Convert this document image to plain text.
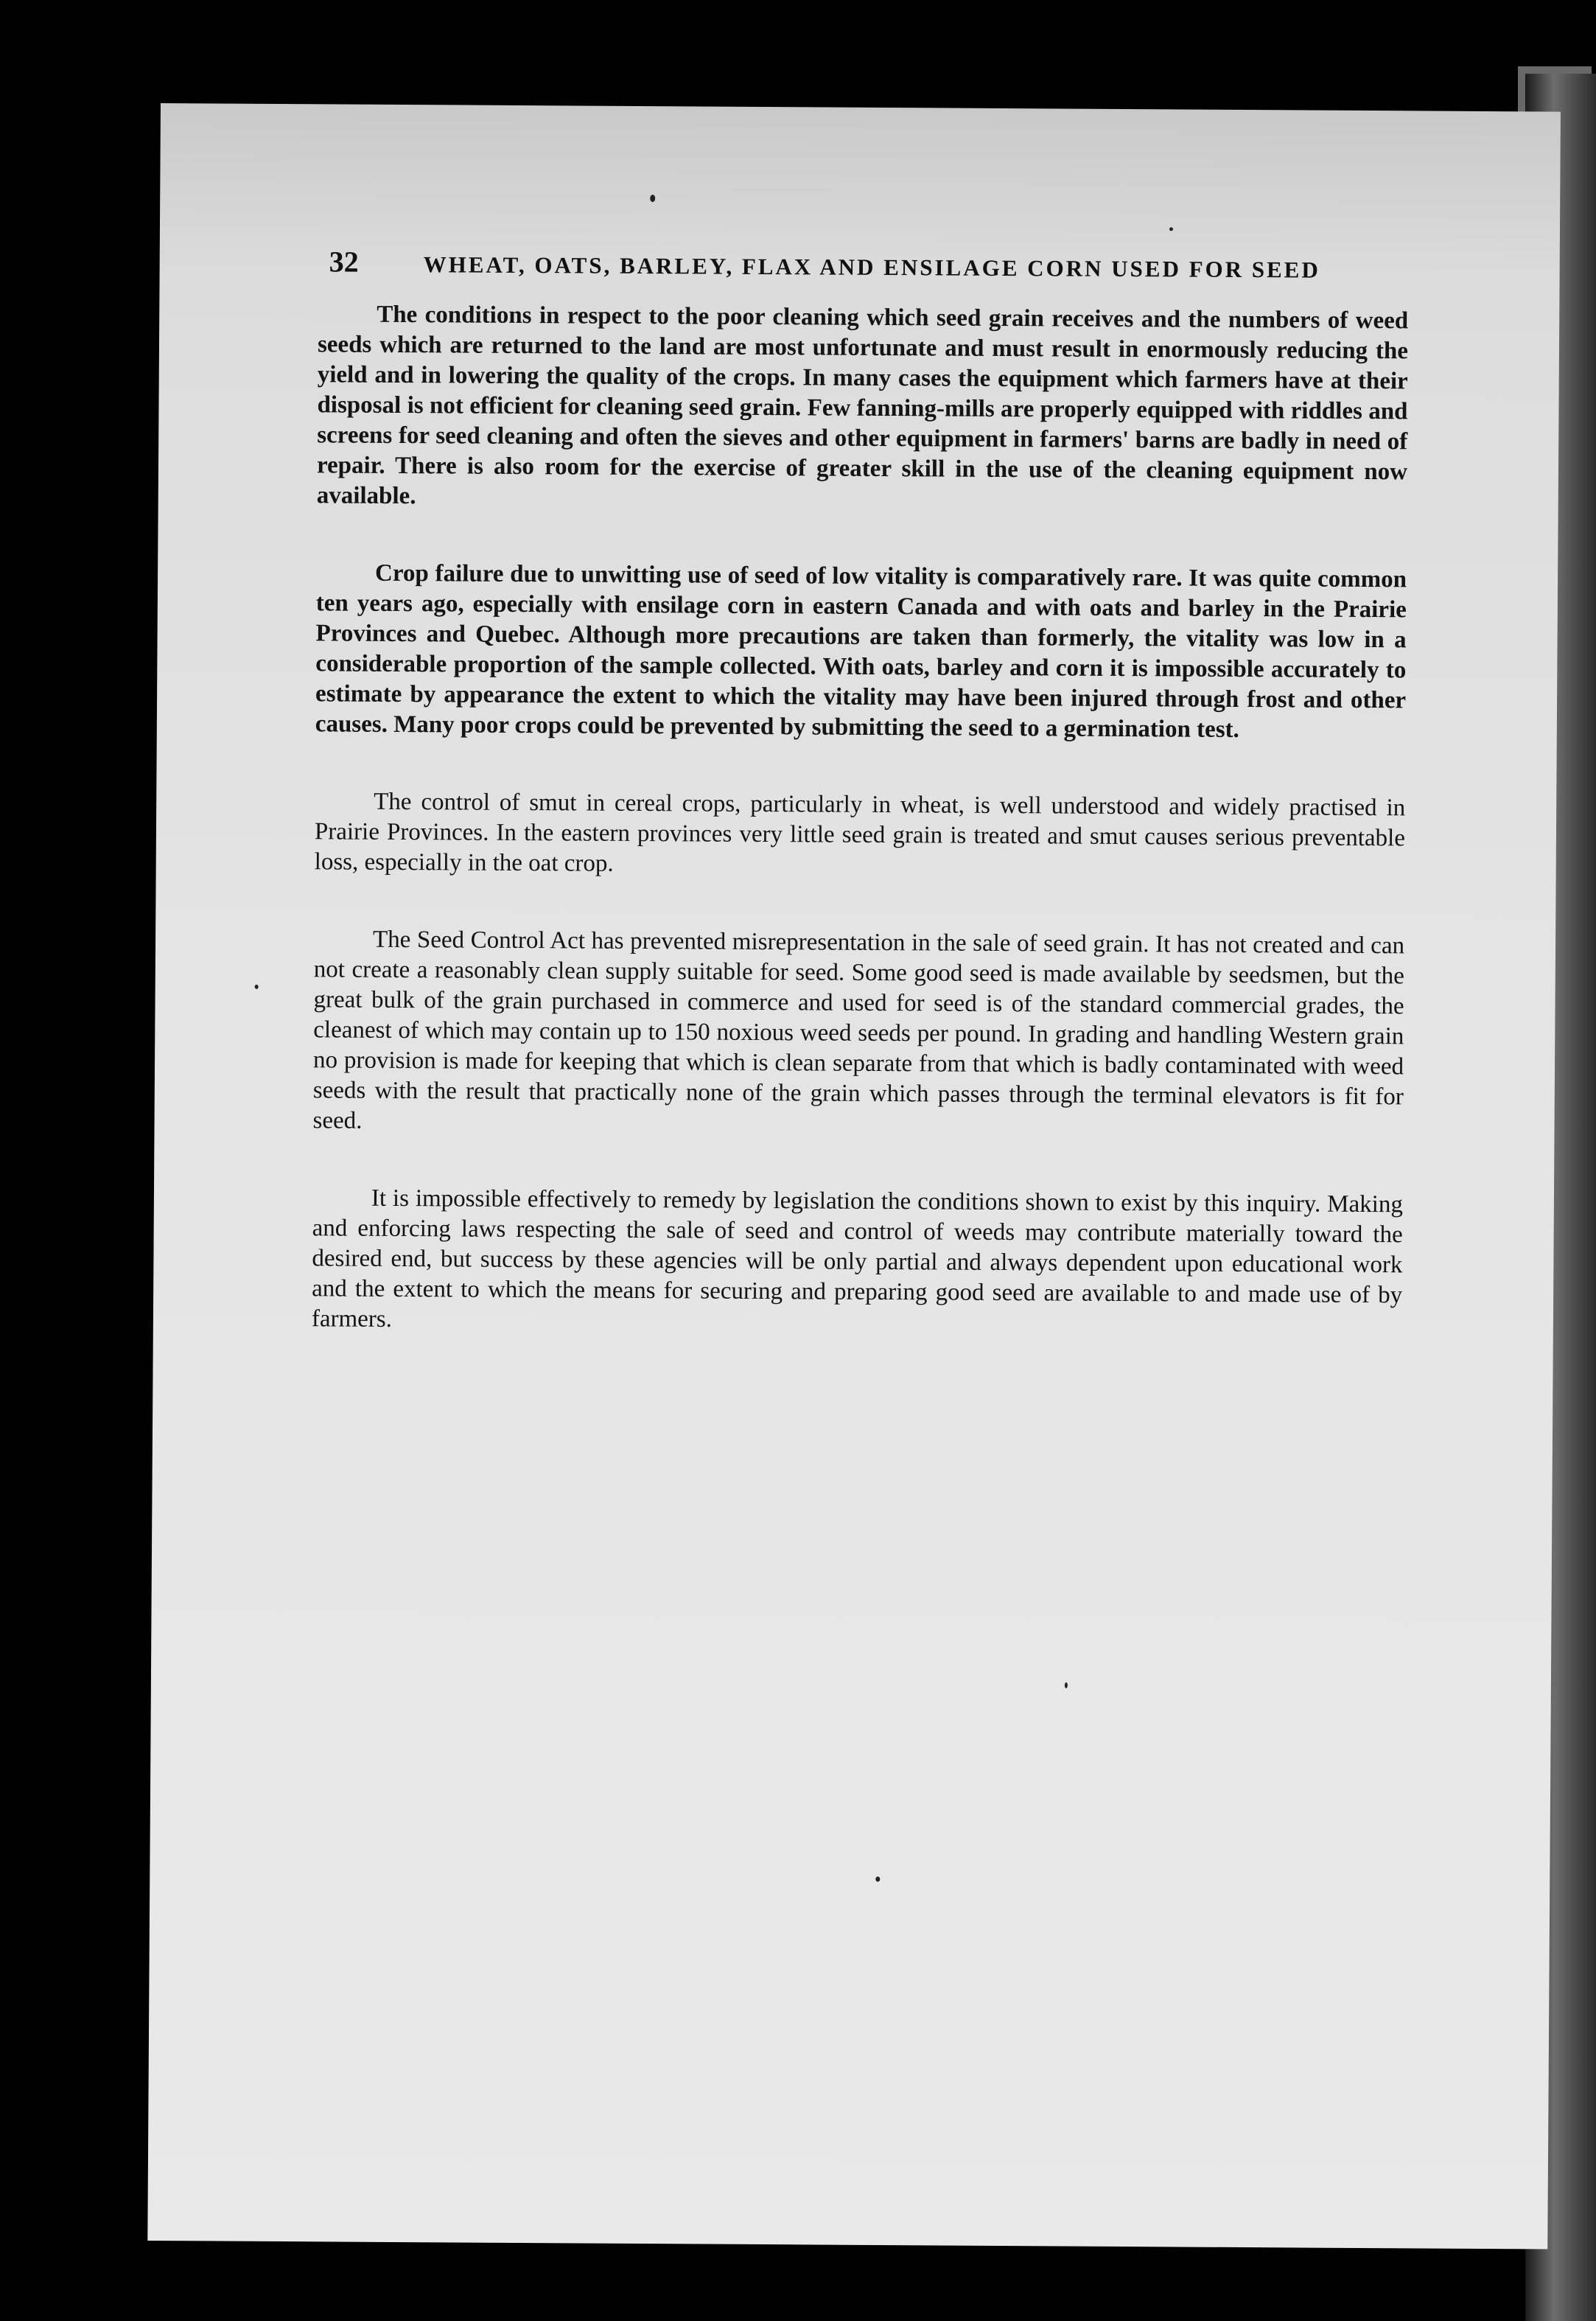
32	WHEAT, OATS, BARLEY, FLAX AND ENSILAGE CORN USED FOR SEED

The conditions in respect to the poor cleaning which seed grain receives and the numbers of weed seeds which are returned to the land are most unfortunate and must result in enormously reducing the yield and in lowering the quality of the crops. In many cases the equipment which farmers have at their disposal is not efficient for cleaning seed grain. Few fanning-mills are properly equipped with riddles and screens for seed cleaning and often the sieves and other equipment in farmers' barns are badly in need of repair. There is also room for the exercise of greater skill in the use of the cleaning equipment now available.

Crop failure due to unwitting use of seed of low vitality is comparatively rare. It was quite common ten years ago, especially with ensilage corn in eastern Canada and with oats and barley in the Prairie Provinces and Quebec. Although more precautions are taken than formerly, the vitality was low in a considerable proportion of the sample collected. With oats, barley and corn it is impossible accurately to estimate by appearance the extent to which the vitality may have been injured through frost and other causes. Many poor crops could be prevented by submitting the seed to a germination test.

The control of smut in cereal crops, particularly in wheat, is well understood and widely practised in Prairie Provinces. In the eastern provinces very little seed grain is treated and smut causes serious preventable loss, especially in the oat crop.

The Seed Control Act has prevented misrepresentation in the sale of seed grain. It has not created and can not create a reasonably clean supply suitable for seed. Some good seed is made available by seedsmen, but the great bulk of the grain purchased in commerce and used for seed is of the standard commercial grades, the cleanest of which may contain up to 150 noxious weed seeds per pound. In grading and handling Western grain no provision is made for keeping that which is clean separate from that which is badly contaminated with weed seeds with the result that practically none of the grain which passes through the terminal elevators is fit for seed.

It is impossible effectively to remedy by legislation the conditions shown to exist by this inquiry. Making and enforcing laws respecting the sale of seed and control of weeds may contribute materially toward the desired end, but success by these agencies will be only partial and always dependent upon educational work and the extent to which the means for securing and preparing good seed are available to and made use of by farmers.
